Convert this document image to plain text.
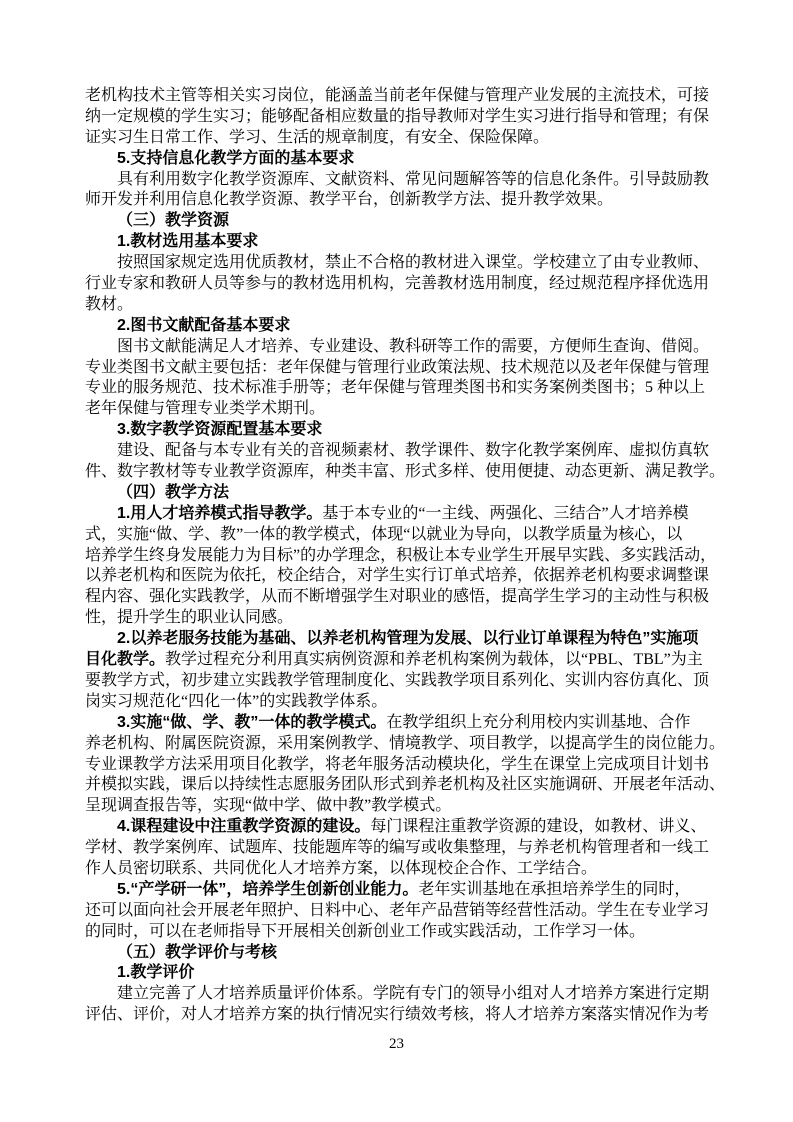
老机构技术主管等相关实习岗位，能涵盖当前老年保健与管理产业发展的主流技术，可接
纳一定规模的学生实习；能够配备相应数量的指导教师对学生实习进行指导和管理；有保
证实习生日常工作、学习、生活的规章制度，有安全、保险保障。
5.支持信息化教学方面的基本要求
具有利用数字化教学资源库、文献资料、常见问题解答等的信息化条件。引导鼓励教
师开发并利用信息化教学资源、教学平台，创新教学方法、提升教学效果。
（三）教学资源
1.教材选用基本要求
按照国家规定选用优质教材，禁止不合格的教材进入课堂。学校建立了由专业教师、
行业专家和教研人员等参与的教材选用机构，完善教材选用制度，经过规范程序择优选用
教材。
2.图书文献配备基本要求
图书文献能满足人才培养、专业建设、教科研等工作的需要，方便师生查询、借阅。
专业类图书文献主要包括：老年保健与管理行业政策法规、技术规范以及老年保健与管理
专业的服务规范、技术标准手册等；老年保健与管理类图书和实务案例类图书；5 种以上
老年保健与管理专业类学术期刊。
3.数字教学资源配置基本要求
建设、配备与本专业有关的音视频素材、教学课件、数字化教学案例库、虚拟仿真软
件、数字教材等专业教学资源库，种类丰富、形式多样、使用便捷、动态更新、满足教学。
（四）教学方法
1.用人才培养模式指导教学。基于本专业的“一主线、两强化、三结合”人才培养模
式，实施“做、学、教”一体的教学模式，体现“以就业为导向，以教学质量为核心，以
培养学生终身发展能力为目标”的办学理念，积极让本专业学生开展早实践、多实践活动，
以养老机构和医院为依托，校企结合，对学生实行订单式培养，依据养老机构要求调整课
程内容、强化实践教学，从而不断增强学生对职业的感悟，提高学生学习的主动性与积极
性，提升学生的职业认同感。
2.以养老服务技能为基础、以养老机构管理为发展、以行业订单课程为特色”实施项
目化教学。教学过程充分利用真实病例资源和养老机构案例为载体，以“PBL、TBL”为主
要教学方式，初步建立实践教学管理制度化、实践教学项目系列化、实训内容仿真化、顶
岗实习规范化“四化一体”的实践教学体系。
3.实施“做、学、教”一体的教学模式。在教学组织上充分利用校内实训基地、合作
养老机构、附属医院资源，采用案例教学、情境教学、项目教学，以提高学生的岗位能力。
专业课教学方法采用项目化教学，将老年服务活动模块化，学生在课堂上完成项目计划书
并模拟实践，课后以持续性志愿服务团队形式到养老机构及社区实施调研、开展老年活动、
呈现调查报告等，实现“做中学、做中教”教学模式。
4.课程建设中注重教学资源的建设。每门课程注重教学资源的建设，如教材、讲义、
学材、教学案例库、试题库、技能题库等的编写或收集整理，与养老机构管理者和一线工
作人员密切联系、共同优化人才培养方案，以体现校企合作、工学结合。
5.“产学研一体”，培养学生创新创业能力。老年实训基地在承担培养学生的同时，
还可以面向社会开展老年照护、日料中心、老年产品营销等经营性活动。学生在专业学习
的同时，可以在老师指导下开展相关创新创业工作或实践活动，工作学习一体。
（五）教学评价与考核
1.教学评价
建立完善了人才培养质量评价体系。学院有专门的领导小组对人才培养方案进行定期
评估、评价，对人才培养方案的执行情况实行绩效考核，将人才培养方案落实情况作为考
23
